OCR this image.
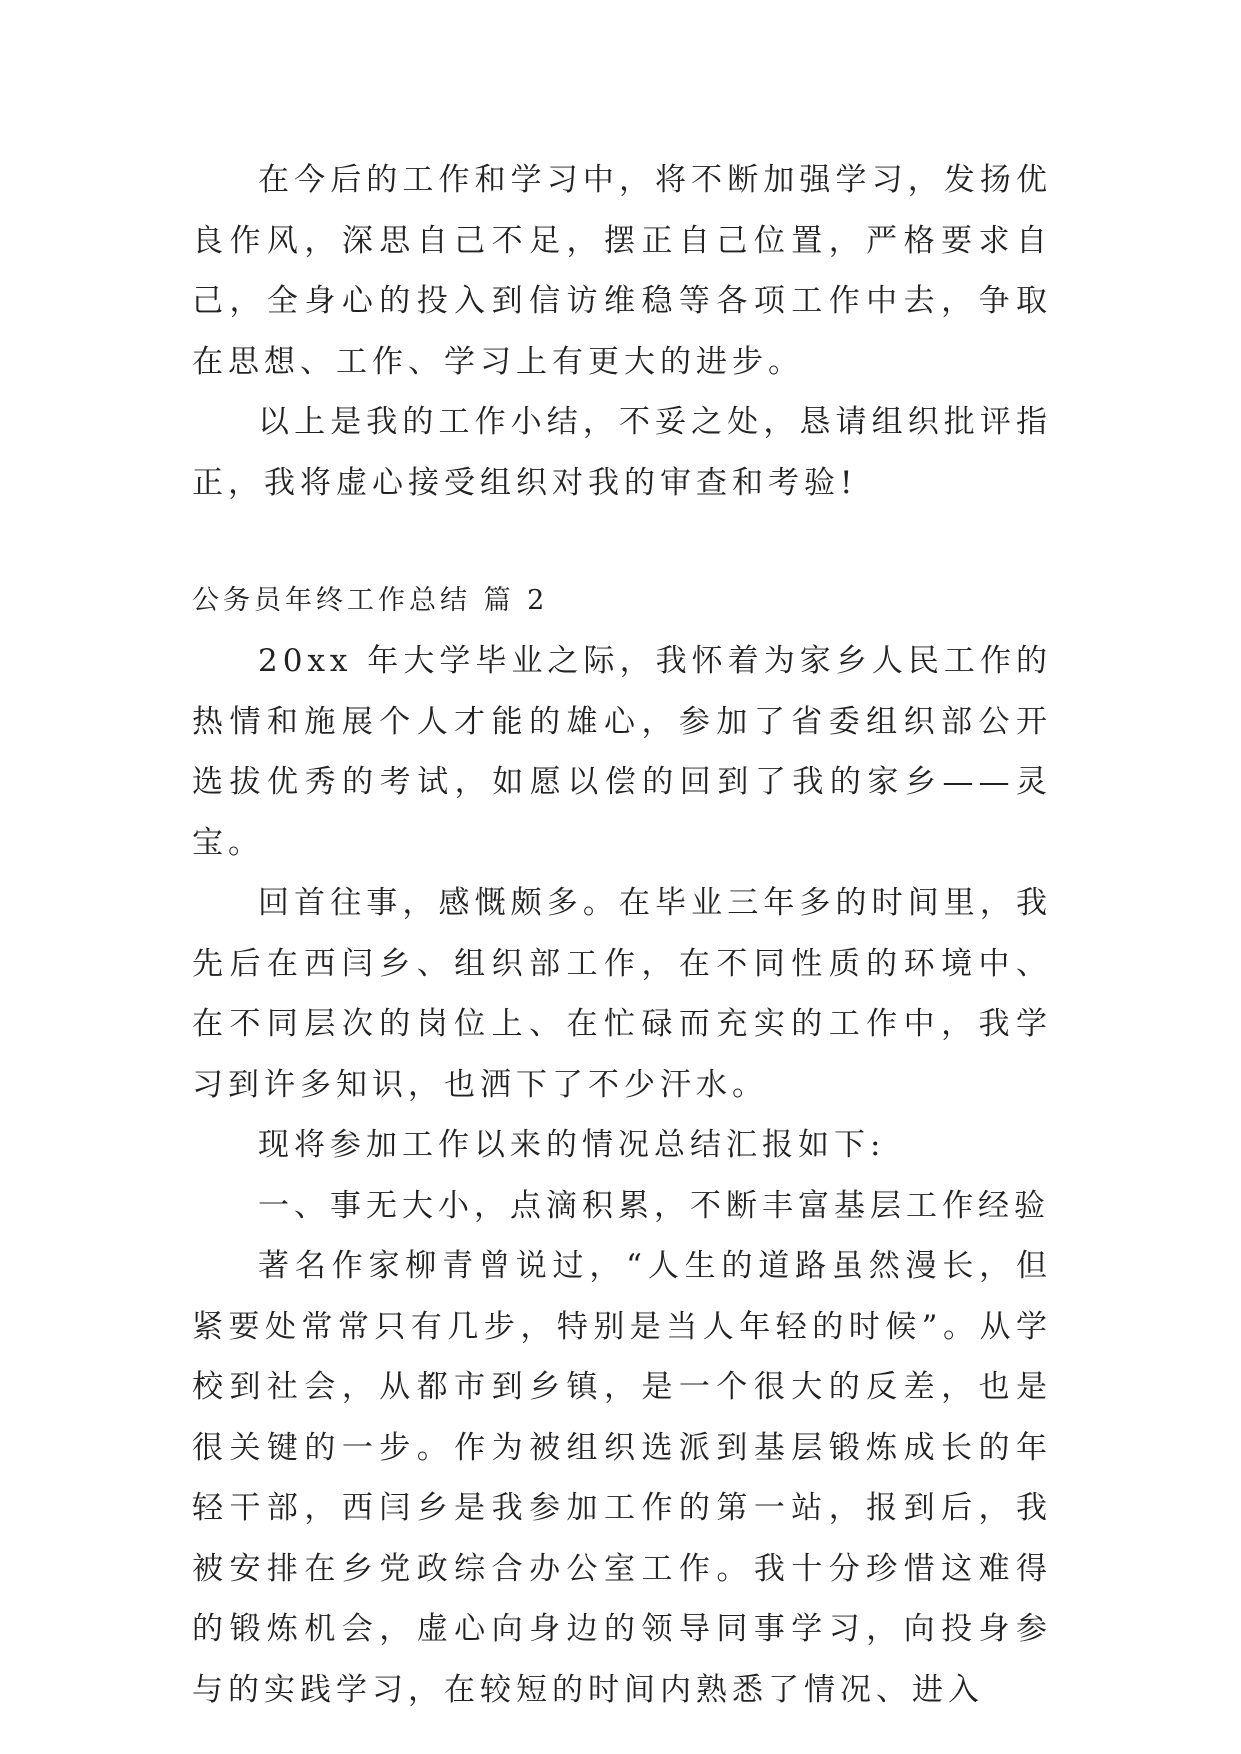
在今后的工作和学习中，将不断加强学习，发扬优良作风，深思自己不足，摆正自己位置，严格要求自己，全身心的投入到信访维稳等各项工作中去，争取在思想、工作、学习上有更大的进步。

以上是我的工作小结，不妥之处，恳请组织批评指正，我将虚心接受组织对我的审查和考验!

公务员年终工作总结 篇 2

20xx 年大学毕业之际，我怀着为家乡人民工作的热情和施展个人才能的雄心，参加了省委组织部公开选拔优秀的考试，如愿以偿的回到了我的家乡——灵宝。

回首往事，感慨颇多。在毕业三年多的时间里，我先后在西闫乡、组织部工作，在不同性质的环境中、在不同层次的岗位上、在忙碌而充实的工作中，我学习到许多知识，也洒下了不少汗水。

现将参加工作以来的情况总结汇报如下:

一、事无大小，点滴积累，不断丰富基层工作经验

著名作家柳青曾说过，“人生的道路虽然漫长，但紧要处常常只有几步，特别是当人年轻的时候”。从学校到社会，从都市到乡镇，是一个很大的反差，也是很关键的一步。作为被组织选派到基层锻炼成长的年轻干部，西闫乡是我参加工作的第一站，报到后，我被安排在乡党政综合办公室工作。我十分珍惜这难得的锻炼机会，虚心向身边的领导同事学习，向投身参与的实践学习，在较短的时间内熟悉了情况、进入
